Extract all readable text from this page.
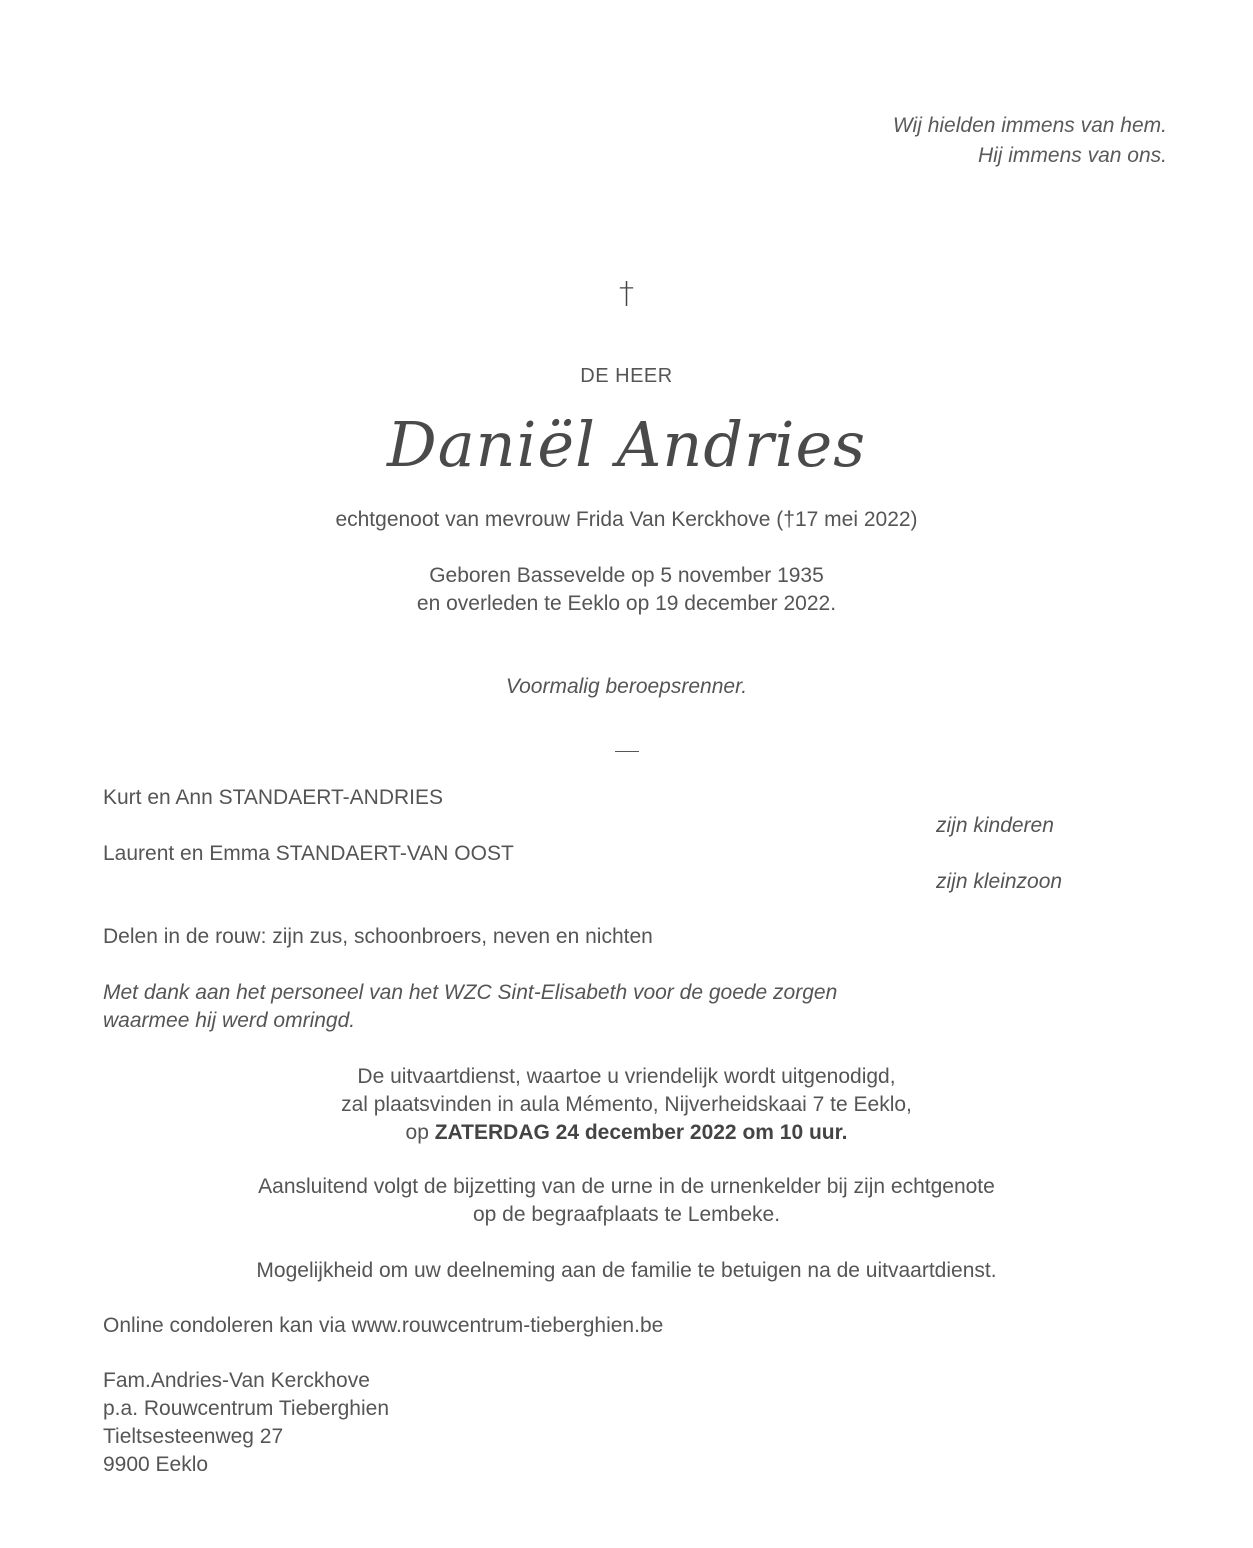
Wij hielden immens van hem.
Hij immens van ons.
†
DE HEER
Daniël Andries
echtgenoot van mevrouw Frida Van Kerckhove (†17 mei 2022)
Geboren Bassevelde op 5 november 1935
en overleden te Eeklo op 19 december 2022.
Voormalig beroepsrenner.
Kurt en Ann STANDAERT-ANDRIES
zijn kinderen
Laurent en Emma STANDAERT-VAN OOST
zijn kleinzoon
Delen in de rouw: zijn zus, schoonbroers, neven en nichten
Met dank aan het personeel van het WZC Sint-Elisabeth voor de goede zorgen
waarmee hij werd omringd.
De uitvaartdienst, waartoe u vriendelijk wordt uitgenodigd,
zal plaatsvinden in aula Mémento, Nijverheidskaai 7 te Eeklo,
op ZATERDAG 24 december 2022 om 10 uur.
Aansluitend volgt de bijzetting van de urne in de urnenkelder bij zijn echtgenote
op de begraafplaats te Lembeke.
Mogelijkheid om uw deelneming aan de familie te betuigen na de uitvaartdienst.
Online condoleren kan via www.rouwcentrum-tieberghien.be
Fam.Andries-Van Kerckhove
p.a. Rouwcentrum Tieberghien
Tieltsesteenweg 27
9900 Eeklo
